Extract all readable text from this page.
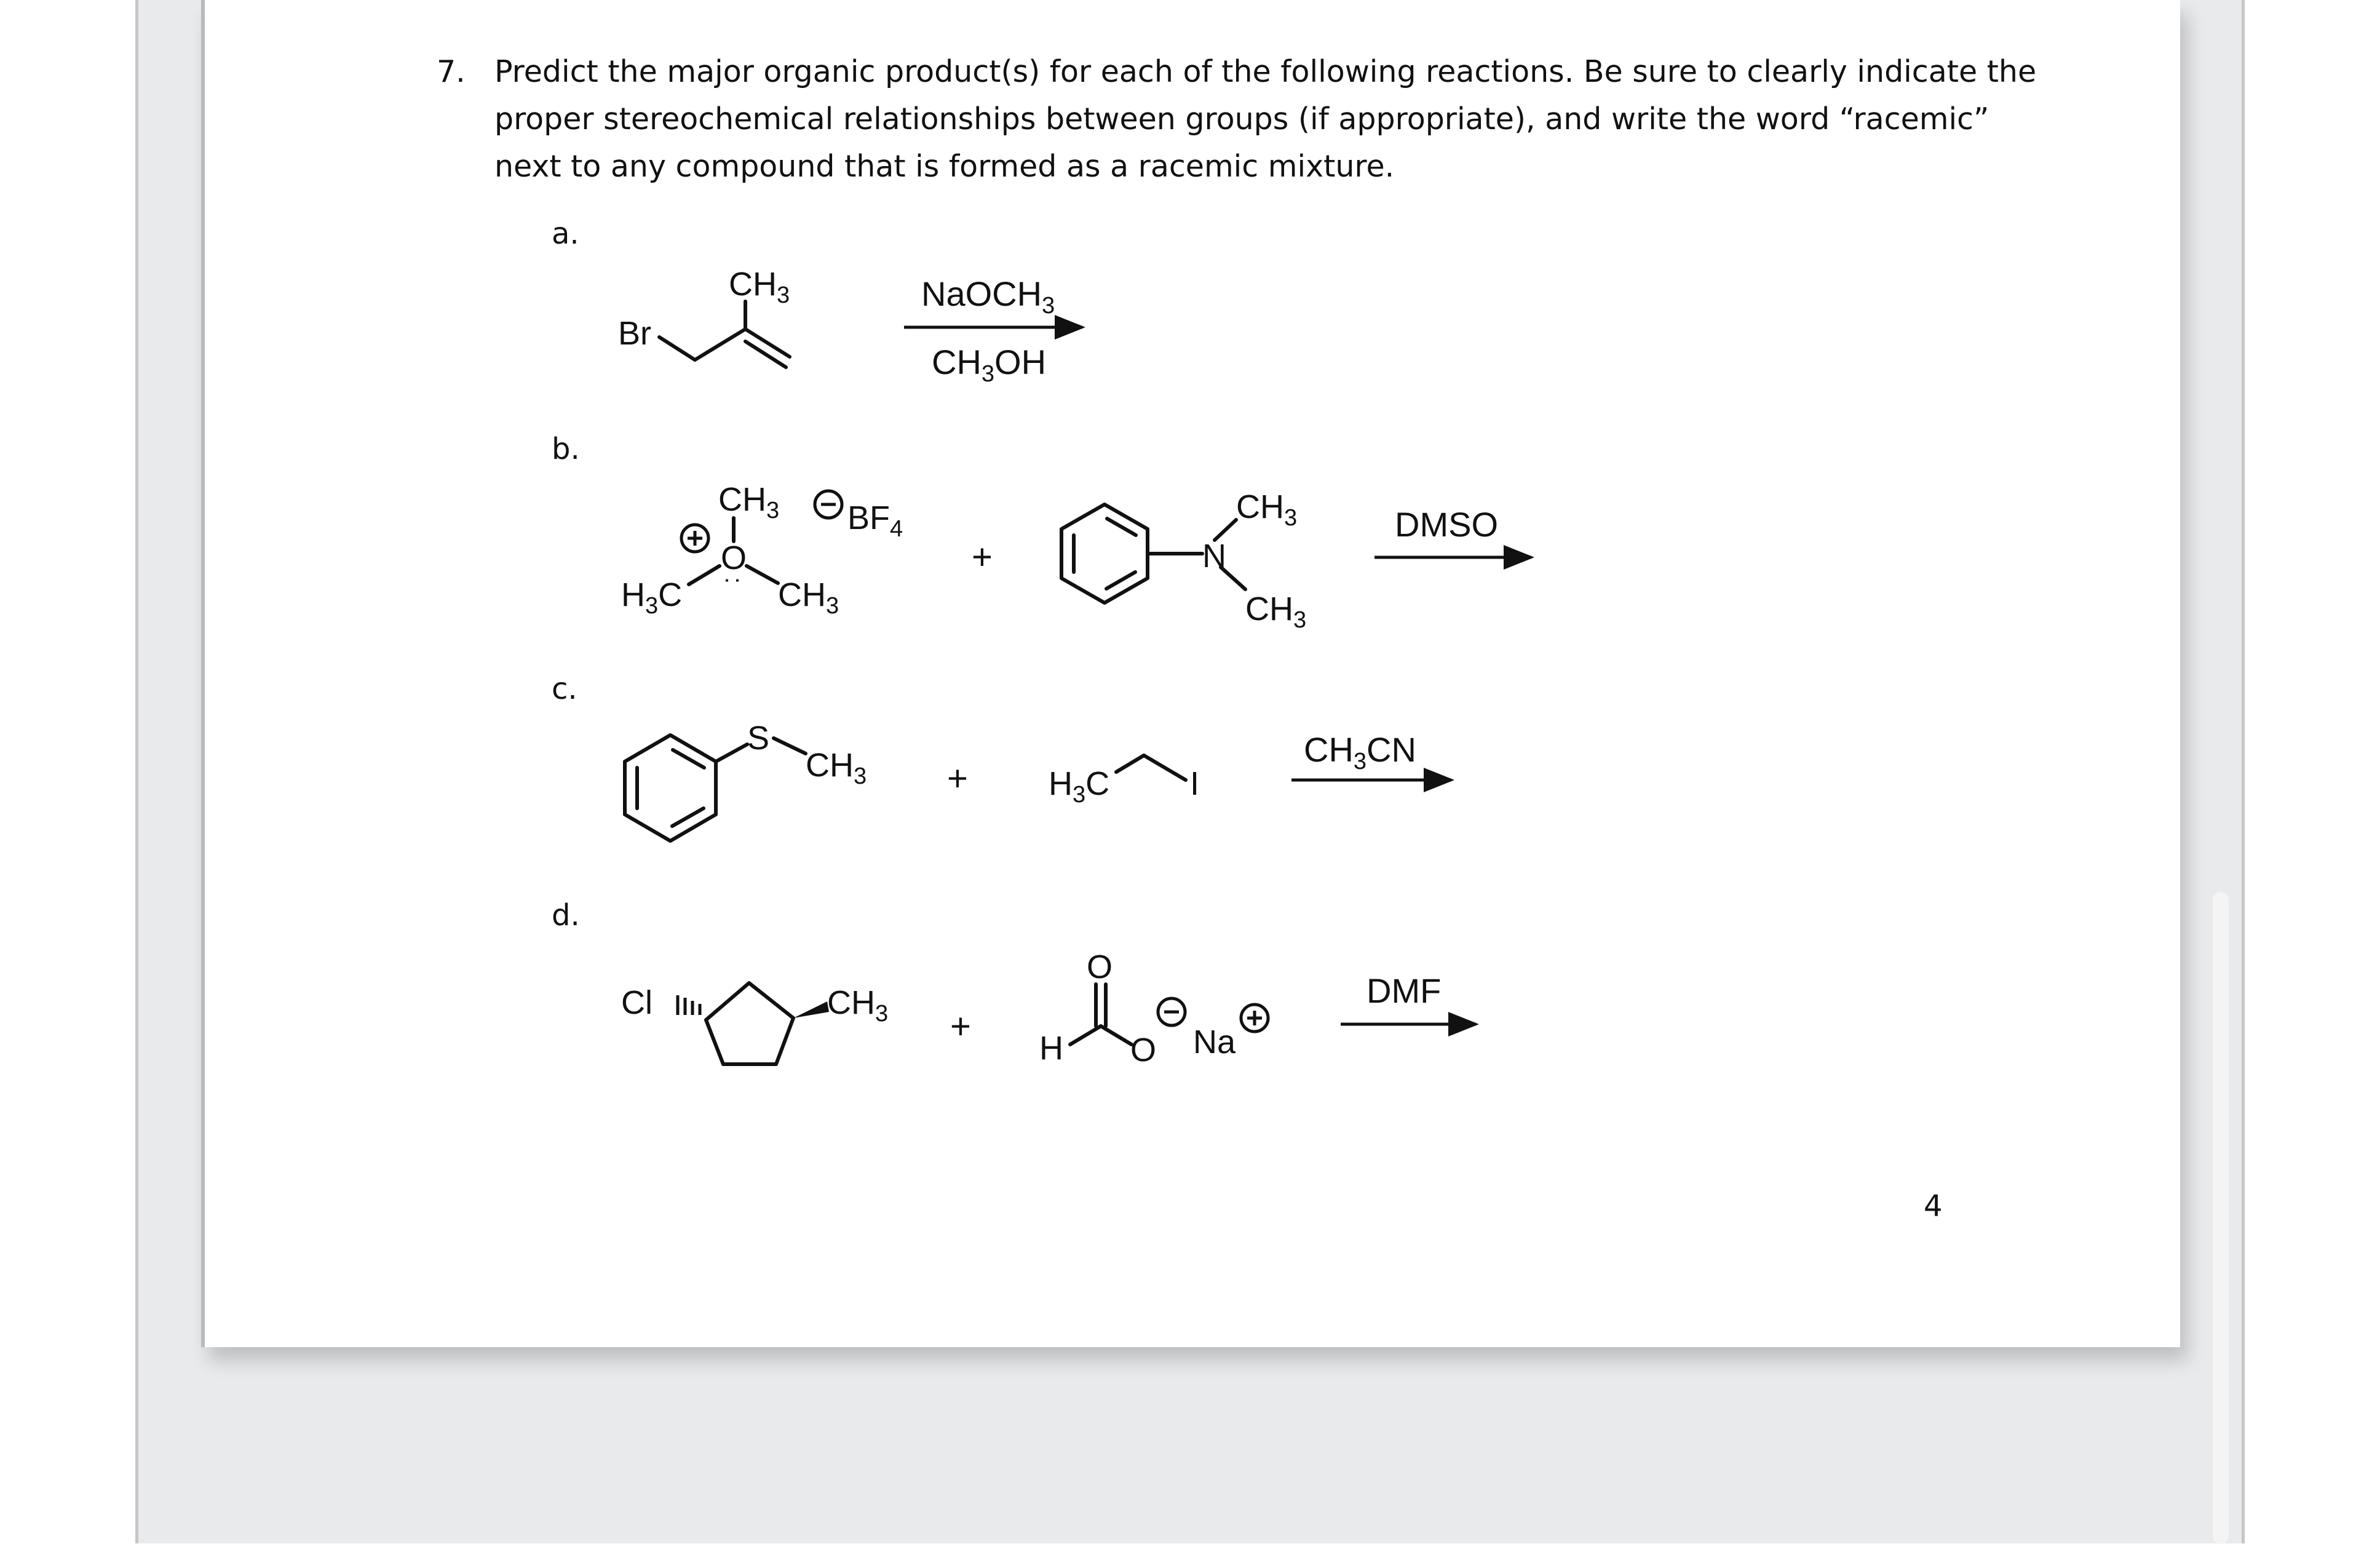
7. Predict the major organic product(s) for each of the following reactions. Be sure to clearly indicate the
proper stereochemical relationships between groups (if appropriate), and write the word “racemic”
next to any compound that is formed as a racemic mixture.
a.
b.
c.
d.
4
Br
$CH_3$	NaOCH$_3$
$CH_3OH$
$CH_3$ $BF_4$
O
:
$H_3C$	$CH_3$
+	N
$CH_3$
$CH_3$
DMSO
S
$CH_3 + H_3C$ I
$CH_3CN$
Cl	$CH_3$ +
O
H O Na
DMF
